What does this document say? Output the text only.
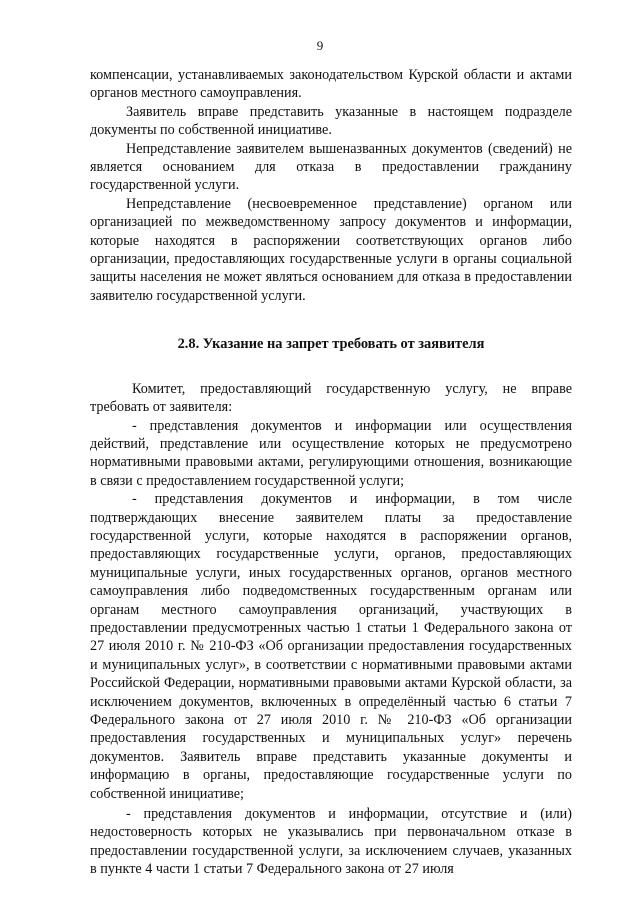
9

компенсации, устанавливаемых законодательством Курской области и актами органов местного самоуправления.

Заявитель вправе представить указанные в настоящем подразделе документы по собственной инициативе.

Непредставление заявителем вышеназванных документов (сведений) не является основанием для отказа в предоставлении гражданину государственной услуги.

Непредставление (несвоевременное представление) органом или организацией по межведомственному запросу документов и информации, которые находятся в распоряжении соответствующих органов либо организации, предоставляющих государственные услуги в органы социальной защиты населения не может являться основанием для отказа в предоставлении заявителю государственной услуги.

2.8. Указание на запрет требовать от заявителя

Комитет, предоставляющий государственную услугу, не вправе требовать от заявителя:

- представления документов и информации или осуществления действий, представление или осуществление которых не предусмотрено нормативными правовыми актами, регулирующими отношения, возникающие в связи с предоставлением государственной услуги;

- представления документов и информации, в том числе подтверждающих внесение заявителем платы за предоставление государственной услуги, которые находятся в распоряжении органов, предоставляющих государственные услуги, органов, предоставляющих муниципальные услуги, иных государственных органов, органов местного самоуправления либо подведомственных государственным органам или органам местного самоуправления организаций, участвующих в предоставлении предусмотренных частью 1 статьи 1 Федерального закона от 27 июля 2010 г. № 210-ФЗ «Об организации предоставления государственных и муниципальных услуг», в соответствии с нормативными правовыми актами Российской Федерации, нормативными правовыми актами Курской области, за исключением документов, включенных в определённый частью 6 статьи 7 Федерального закона от 27 июля 2010 г. № 210-ФЗ «Об организации предоставления государственных и муниципальных услуг» перечень документов. Заявитель вправе представить указанные документы и информацию в органы, предоставляющие государственные услуги по собственной инициативе;

- представления документов и информации, отсутствие и (или) недостоверность которых не указывались при первоначальном отказе в предоставлении государственной услуги, за исключением случаев, указанных в пункте 4 части 1 статьи 7 Федерального закона от 27 июля
